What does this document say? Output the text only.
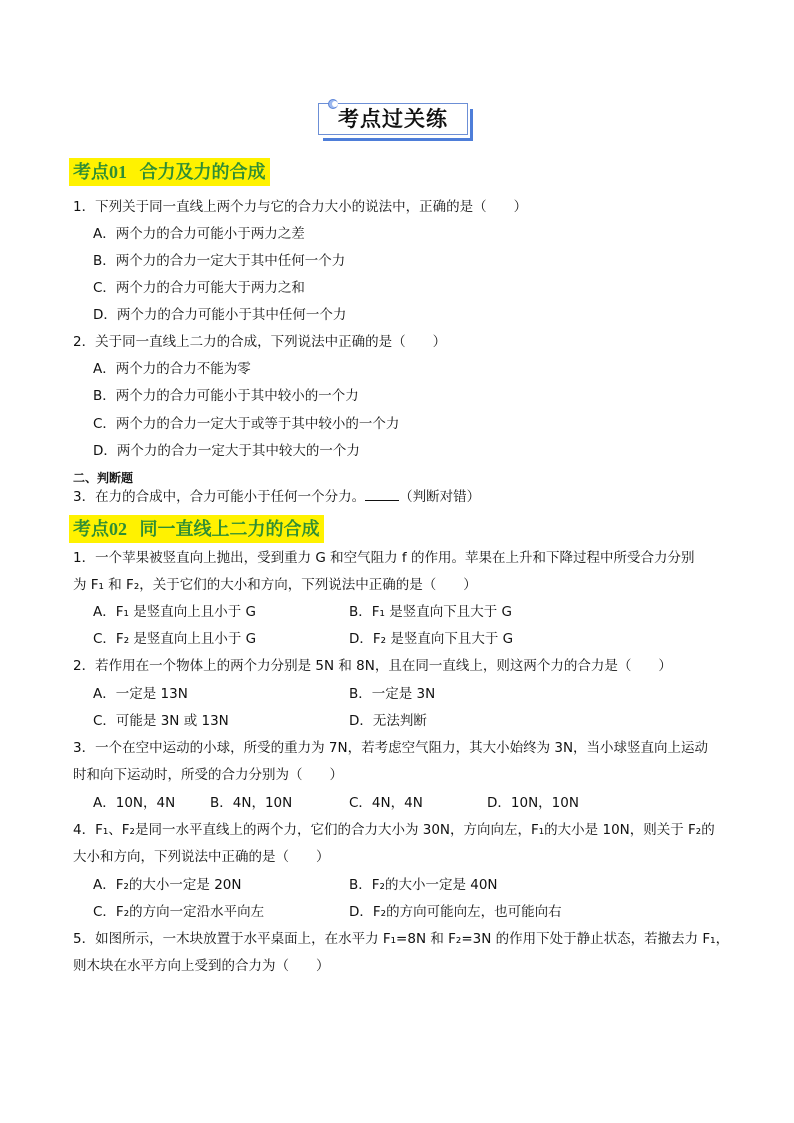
考点过关练
考点01 合力及力的合成
1．下列关于同一直线上两个力与它的合力大小的说法中，正确的是（　　）
A．两个力的合力可能小于两力之差
B．两个力的合力一定大于其中任何一个力
C．两个力的合力可能大于两力之和
D．两个力的合力可能小于其中任何一个力
2．关于同一直线上二力的合成，下列说法中正确的是（　　）
A．两个力的合力不能为零
B．两个力的合力可能小于其中较小的一个力
C．两个力的合力一定大于或等于其中较小的一个力
D．两个力的合力一定大于其中较大的一个力
二、判断题
3．在力的合成中，合力可能小于任何一个分力。	（判断对错）
考点02 同一直线上二力的合成
1．一个苹果被竖直向上抛出，受到重力 G 和空气阻力 f 的作用。苹果在上升和下降过程中所受合力分别
为 F₁ 和 F₂，关于它们的大小和方向，下列说法中正确的是（　　）
A．F₁ 是竖直向上且小于 G	B．F₁ 是竖直向下且大于 G
C．F₂ 是竖直向上且小于 G	D．F₂ 是竖直向下且大于 G
2．若作用在一个物体上的两个力分别是 5N 和 8N，且在同一直线上，则这两个力的合力是（　　）
A．一定是 13N	B．一定是 3N
C．可能是 3N 或 13N	D．无法判断
3．一个在空中运动的小球，所受的重力为 7N，若考虑空气阻力，其大小始终为 3N，当小球竖直向上运动
时和向下运动时，所受的合力分别为（　　）
A．10N，4N	B．4N，10N	C．4N，4N	D．10N，10N
4．F₁、F₂是同一水平直线上的两个力，它们的合力大小为 30N，方向向左，F₁的大小是 10N，则关于 F₂的
大小和方向，下列说法中正确的是（　　）
A．F₂的大小一定是 20N	B．F₂的大小一定是 40N
C．F₂的方向一定沿水平向左	D．F₂的方向可能向左，也可能向右
5．如图所示，一木块放置于水平桌面上，在水平力 F₁=8N 和 F₂=3N 的作用下处于静止状态，若撤去力 F₁，
则木块在水平方向上受到的合力为（　　）
